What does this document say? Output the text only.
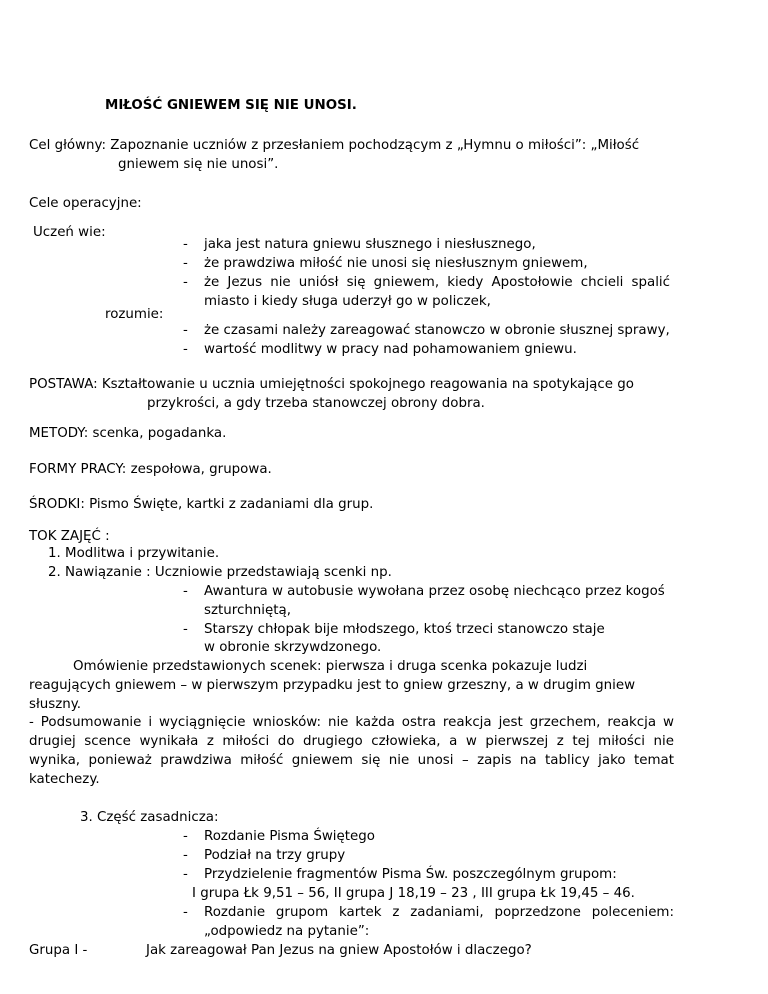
MIŁOŚĆ GNIEWEM SIĘ NIE UNOSI.
Cel główny: Zapoznanie uczniów z przesłaniem pochodzącym z „Hymnu o miłości”: „Miłość
gniewem się nie unosi”.
Cele operacyjne:
Uczeń wie:
- jaka jest natura gniewu słusznego i niesłusznego,
- że prawdziwa miłość nie unosi się niesłusznym gniewem,
- że Jezus nie uniósł się gniewem, kiedy Apostołowie chcieli spalić
miasto i kiedy sługa uderzył go w policzek,
rozumie:
- że czasami należy zareagować stanowczo w obronie słusznej sprawy,
- wartość modlitwy w pracy nad pohamowaniem gniewu.
POSTAWA: Kształtowanie u ucznia umiejętności spokojnego reagowania na spotykające go
przykrości, a gdy trzeba stanowczej obrony dobra.
METODY: scenka, pogadanka.
FORMY PRACY: zespołowa, grupowa.
ŚRODKI: Pismo Święte, kartki z zadaniami dla grup.
TOK ZAJĘĆ :
1. Modlitwa i przywitanie.
2. Nawiązanie : Uczniowie przedstawiają scenki np.
- Awantura w autobusie wywołana przez osobę niechcąco przez kogoś
szturchniętą,
- Starszy chłopak bije młodszego, ktoś trzeci stanowczo staje
w obronie skrzywdzonego.
Omówienie przedstawionych scenek: pierwsza i druga scenka pokazuje ludzi
reagujących gniewem – w pierwszym przypadku jest to gniew grzeszny, a w drugim gniew
słuszny.
- Podsumowanie i wyciągnięcie wniosków: nie każda ostra reakcja jest grzechem, reakcja w
drugiej scence wynikała z miłości do drugiego człowieka, a w pierwszej z tej miłości nie
wynika, ponieważ prawdziwa miłość gniewem się nie unosi – zapis na tablicy jako temat
katechezy.
3. Część zasadnicza:
- Rozdanie Pisma Świętego
- Podział na trzy grupy
- Przydzielenie fragmentów Pisma Św. poszczególnym grupom:
I grupa Łk 9,51 – 56, II grupa J 18,19 – 23 , III grupa Łk 19,45 – 46.
- Rozdanie grupom kartek z zadaniami, poprzedzone poleceniem:
„odpowiedz na pytanie”:
Grupa I -	Jak zareagował Pan Jezus na gniew Apostołów i dlaczego?
